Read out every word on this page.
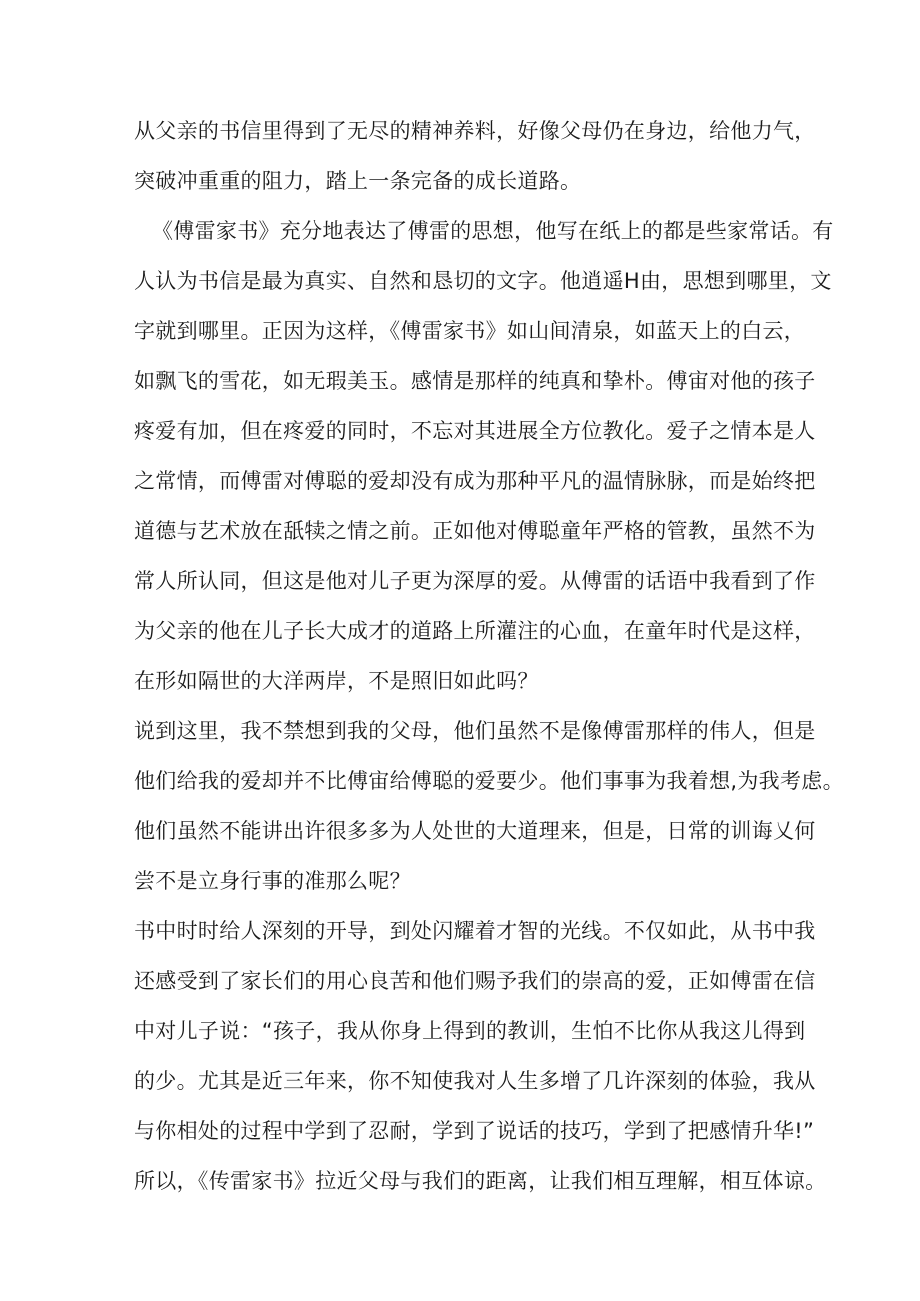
从父亲的书信里得到了无尽的精神养料，好像父母仍在身边，给他力气，
突破冲重重的阻力，踏上一条完备的成长道路。
《傅雷家书》充分地表达了傅雷的思想，他写在纸上的都是些家常话。有
人认为书信是最为真实、自然和恳切的文字。他逍遥H由，思想到哪里，文
字就到哪里。正因为这样，《傅雷家书》如山间清泉，如蓝天上的白云，
如飘飞的雪花，如无瑕美玉。感情是那样的纯真和挚朴。傅宙对他的孩子
疼爱有加，但在疼爱的同时，不忘对其进展全方位教化。爱子之情本是人
之常情，而傅雷对傅聪的爱却没有成为那种平凡的温情脉脉，而是始终把
道德与艺术放在舐犊之情之前。正如他对傅聪童年严格的管教，虽然不为
常人所认同，但这是他对儿子更为深厚的爱。从傅雷的话语中我看到了作
为父亲的他在儿子长大成才的道路上所灌注的心血，在童年时代是这样，
在形如隔世的大洋两岸，不是照旧如此吗？
说到这里，我不禁想到我的父母，他们虽然不是像傅雷那样的伟人，但是
他们给我的爱却并不比傅宙给傅聪的爱要少。他们事事为我着想,为我考虑。
他们虽然不能讲出许很多多为人处世的大道理来，但是，日常的训诲乂何
尝不是立身行事的准那么呢？
书中时时给人深刻的开导，到处闪耀着才智的光线。不仅如此，从书中我
还感受到了家长们的用心良苦和他们赐予我们的崇高的爱，正如傅雷在信
中对儿子说：“孩子，我从你身上得到的教训，生怕不比你从我这儿得到
的少。尤其是近三年来，你不知使我对人生多增了几许深刻的体验，我从
与你相处的过程中学到了忍耐，学到了说话的技巧，学到了把感情升华!”
所以，《传雷家书》拉近父母与我们的距离，让我们相互理解，相互体谅。
